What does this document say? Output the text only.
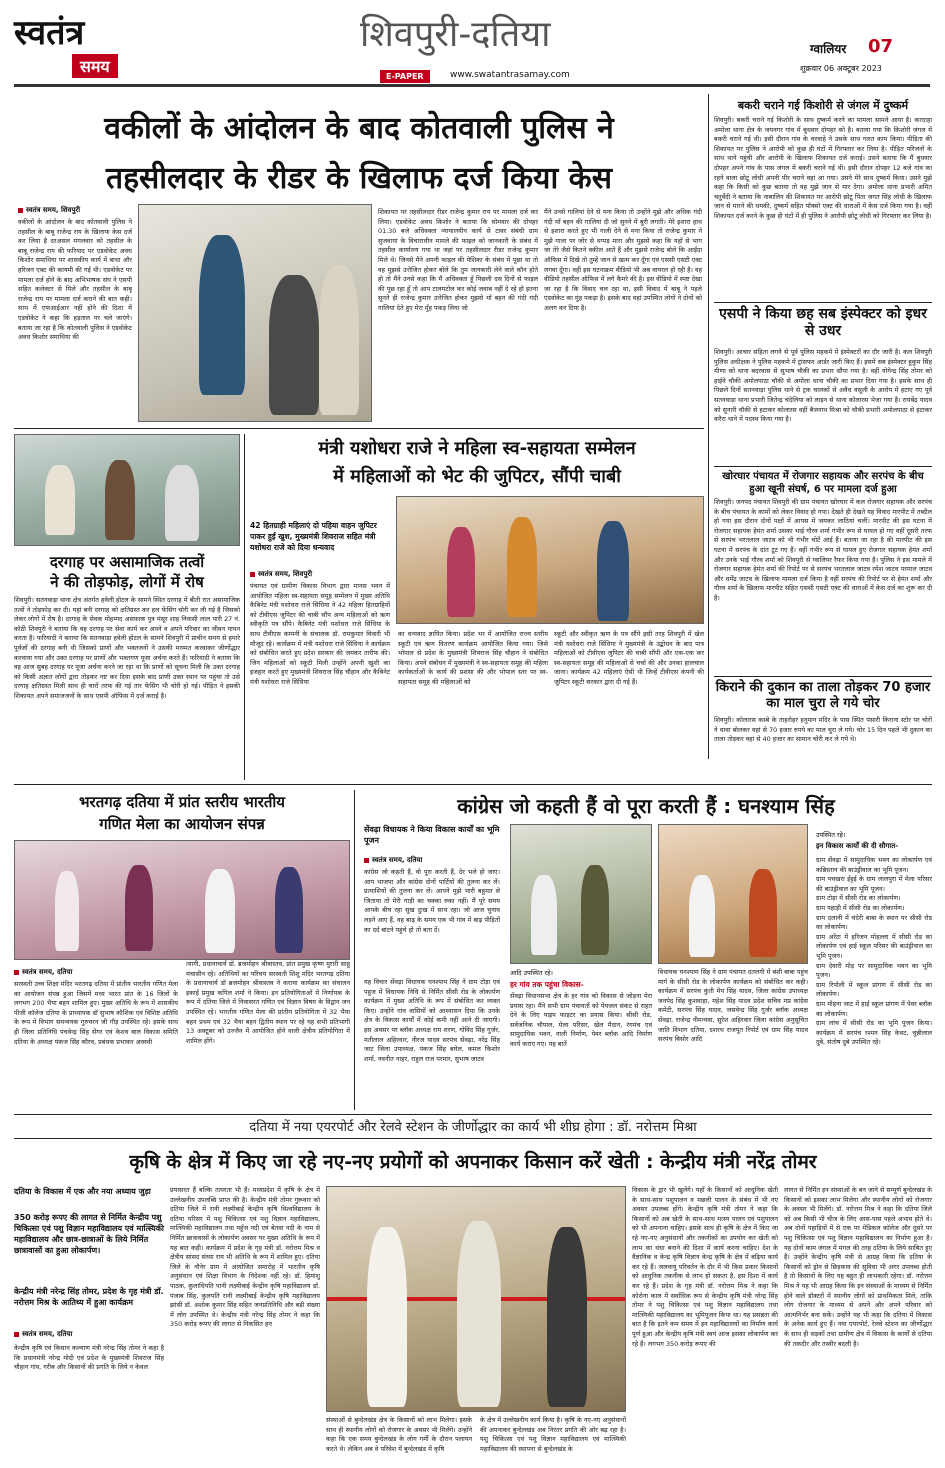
स्वतंत्र
समय
शिवपुरी-दतिया
E-PAPER	www.swatantrasamay.com
ग्वालियर 07
शुक्रवार 06 अक्टूबर 2023
वकीलों के आंदोलन के बाद कोतवाली पुलिस ने
तहसीलदार के रीडर के खिलाफ दर्ज किया केस
स्वतंत्र समय, शिवपुरी
वकीलों के आंदोलन के बाद कोतवाली पुलिस ने तहसील के बाबू राजेन्द्र राय के खिलाफ केस दर्ज कर लिया है दरअसल मंगलवार को तहसील के बाबू राजेन्द्र राय की फरियाद पर एडवोकेट अवध किशोर समाधिया पर शासकीय कार्य में बाधा और हरिजन एक्ट की कायमी की गई थी। एडवोकेट पर मामला दर्ज होने के बाद अभिभाषक संघ ने एसपी सहित कलेक्टर से मिले और तहसील के बाबू राजेन्द्र राय पर मामला दर्ज कराने की बात कही। साथ में एफआईआर नहीं होने की दिशा में एडवोकेट ने कहा कि हड़ताल पर चले जाएंगे। बताया जा रहा है कि कोतवाली पुलिस ने एडवोकेट अवध किशोर समाधिया की
शिकायत पर तहसीलदार रीडर राजेन्द्र कुमार राय पर मामला दर्ज कर लिया। एडवोकेट अवध किशोर ने बताया कि सोमवार की दोपहर 01.30 बजे अधिवक्ता न्यायालयीन कार्य से टावर संबंधी ग्राम सुजवाया के विचाराधीन मामले की फाइल को जानकारी के संबंध में तहसील कार्यालय गया था जहां पर तहसीलदार रीडर राजेन्द्र कुमार मिले थे। जिनसे मैंने अपनी फाइल की पेशिका के संबंध में पूछा था तो वह मुझसे उत्तेजित होकर बोले कि तुम जानकारी लेने वाले कौन होते हो तो मैंने उनसे कहा कि मैं अधिवक्ता हूँ पिछली दस दिनों से फाइल की पूछ रहा हूँ तो आप टालमटोल कर कोई जवाब नहीं दे रहे हो इतना सुनते ही राजेन्द्र कुमार उत्तेजित होकर मुझसे माँ बहन की गंदी गंदी गालियां देते हुए मेरा मुँह पकड़ लिया जो
मैंने उनसे गालियां देने से मना किया तो उन्होंने मुझे और अधिक गंदी गंदी माँ बहन की गालियां दी जो सुनने में बुरी लगती। मेरे इशारा हाथ से इशारा करते हुए भी गाली देने से मना किया तो राजेन्द्र कुमार ने मुझे गाला पर जोर से थप्पड़ मारा और मुझसे कहा कि यहाँ से भाग जा तेरे जैसे कितने वकील आते हैं और मुझसे राजेन्द्र बोले कि आईंदा ऑफिस में दिखे तो तुम्हें जान से खत्म कर दूँगा एवं एससी एसटी एक्ट लगवा दूँगा। वहीं इस घटनाक्रम वीडियो भी अब वायरल हो रही है। वह वीडियो तहसील ऑफिस में लगे कैमरे की है। इस वीडियो में स्पष्ट देखा जा रहा है कि विवाद चल रहा था, इसी विवाद में बाबू ने पहले एडवोकेट का मुंह पकड़ा है। इसके बाद वहां उपस्थित लोगों ने दोनों को अलग कर दिया है।
बकरी चराने गई किशोरी से जंगल में दुष्कर्म
शिवपुरी। बकरी चराने गई किशोरी के साथ दुष्कर्म करने का मामला सामने आया है। करदाहा अमोला थाना क्षेत्र के जयनगर गांव में बुधवार दोपहर को है। बताया गया कि किशोरी जंगल में बकरी चराने गई थी। इसी दौरान गांव के चरवाहे ने उसके साथ गलत काम किया। पीड़िता की शिकायत पर पुलिस ने आरोपी को कुछ ही घंटों में गिरफ्तार कर लिया है। पीड़ित परिजनों के साथ थाने पहुंची और आरोपी के खिलाफ शिकायत दर्ज कराई। उसने बताया कि मैं बुधवार दोपहर अपने गांव के पास जंगल में बकरी चराने गई थी। इसी दौरान दोपहर 12 बजे गांव का रहने वाला छोटू लोधी अपनी पीर चराने वहां आ गया। उसने मेरे साथ दुष्कर्म किया। उसने मुझे कहा कि किसी को कुछ बताया तो वह मुझे जान से मार देगा। अमोला थाना प्रभारी अमित चतुर्वेदी ने बताया कि नाबालिग की शिकायत पर आरोपी छोटू पिता जगत सिंह लोधी के खिलाफ जान से मारने की धमकी, दुष्कर्म सहित पॉक्सो एक्ट की धाराओं में केस दर्ज किया गया है। वहीं शिकायत दर्ज करने के कुछ ही घंटों में ही पुलिस ने आरोपी छोटू लोधी को गिरफ्तार कर लिया है।
एसपी ने किया छह सब इंस्पेक्टर को इधर से उधर
शिवपुरी। आचार संहिता लगने से पूर्व पुलिस महकमे में इंस्पेक्टरों का दौर जारी है। कल शिवपुरी पुलिस अधीक्षक ने पुलिस महकमे में ट्रांसफर आर्डर जारी किए हैं। इसमें सब इंस्पेक्टर हुकुम सिंह मीणा को थाना बदरवास से सुभाष चौकी का प्रभार सौंपा गया है। वहीं योगेन्द्र सिंह तोमर को हाईवे चौकी अमोलपाठा चौकी से अमोला थाना चौकी का प्रभार दिया गया है। इसके साथ ही पिछले दिनों सतनवाड़ा पुलिस थाने से ट्रक चालकों से अवैध वसूली के आरोप में हटाए गए पूर्व सतनवाड़ा थाना प्रभारी जितेन्द्र चंदेलिया को लाइन से थाना कोलारस भेजा गया है। रायबेंद्र यादव को सुनारी चौकी से हटाकर कोलारस वहीं बैजनाथ मिश्रा को चौकी प्रभारी अमोलपाठा से हटाकर करैरा थाने में पदस्थ किया गया है।
खोरघार पंचायत में रोजगार सहायक और सरपंच के बीच हुआ खूनी संघर्ष, 6 पर मामला दर्ज हुआ
शिवपुरी। जनपद पंचायत शिवपुरी की ग्राम पंचायत खोरघार में कल रोजगार सहायक और सरपंच के बीच पंचायत के कामों को लेकर विवाद हो गया। देखते ही देखते यह विवाद मारपीट में तब्दील हो गया इस दौरान दोनों पक्षों में आपस में जमकर लाठियां चलीं। मारपीट की इस घटना में रोजगार सहायक हेमंत शर्मा उसका भाई गौरव शर्मा गंभीर रूप से घायल हो गए वहीं दूसरी तरफ से सरपंच भरतलाल जाटव को भी गंभीर चोटें आई हैं। बताया जा रहा है की मारपीट की इस घटना में सरपंच के दांत टूट गए हैं। वहीं गंभीर रूप से घायल हुए रोजगार सहायक हेमंत शर्मा और उनके भाई गौरव शर्मा को शिवपुरी से ग्वालियर रैफर किया गया है। पुलिस ने इस मामले में रोजगार सहायक हेमंत शर्मा की रिपोर्ट पर से सरपंच भरतलाल जाटव रमेश जाटव परमाल जाटव और धर्मेंद्र जाटव के खिलाफ मामला दर्ज किया है वहीं सरपंच की रिपोर्ट पर से हेमंत शर्मा और गौरव शर्मा के खिलाफ मारपीट सहित एससी एसटी एक्ट की धाराओं में केस दर्ज का शुरू कर दी है।
किराने की दुकान का ताला तोड़कर 70 हजार का माल चुरा ले गये चोर
शिवपुरी। कोलारस कस्बे के ताहरोहर हनुमान मंदिर के पास स्थित पंसारी किराना स्टोर पर चोरों ने धावा बोलकर वहां से 70 हजार रुपये का माल चुरा ले गये। चोर 15 दिन पहले भी दुकान का ताला तोड़कर वहां से 40 हजार का सामान चोरी कर ले गये थे।
दरगाह पर असामाजिक तत्वों
ने की तोड़फोड़, लोगों में रोष
शिवपुरी। सतनवाड़ा थाना क्षेत्र अंतर्गत हवेली होटल के सामने स्थित दरगाह में बीती रात असामाजिक तत्वों ने तोड़फोड़ कर दी। यहां बनी दरगाह को क्षतिग्रस्त कर हल फेंसिंग चोरी कर ली गई है जिसको लेकर लोगों में रोष है। दरगाह के सेवक मोहम्मद असफ़ाक पुत्र मंसूर शाह निवासी लाल पारी 27 नं. कोठी शिवपुरी ने बताया कि वह दरगाह पर सेवा कार्य कर अपने व अपने परिवार का जीवन यापन करता है। फरियादी ने बताया कि सतनवाड़ा हवेली होटल के सामने शिवपुरी में प्राचीन समय से हमारे पूर्वजों की दरगाह बनी थी जिसको प्राणों और भक्तजनों ने उसकी मरम्मत करवाकर जीर्णोद्धार करवाया गया और उक्त दरगाह पर प्राणों और भक्तगण पूजा अर्चना करते हैं। फरियादी ने बताया कि वह आज सुबह दरगाह पर पूजा अर्चना करने जा रहा था कि प्राणों को सूचना मिली कि उक्त दरगाह को किसी अज्ञात लोगों द्वारा तोड़कर नष्ट कर दिया इसके बाद प्राणी उक्त स्थान पर पहुंचा तो उसे दरगाह क्षतिग्रस्त मिली साथ ही चारों तरफ की गई तार फेंसिंग भी चोरी हो गई। पीड़ित ने इसकी शिकायत अपने समाजजनों के साथ एसपी ऑफिस में दर्ज कराई है।
मंत्री यशोधरा राजे ने महिला स्व-सहायता सम्मेलन
में महिलाओं को भेट की जुपिटर, सौंपी चाबी
42 हितग्राही महिलाएं दो पहिया वाहन जुपिटर पाकर हुईं खुश, मुख्यमंत्री शिवराज सहित मंत्री यशोधरा राजे को दिया धन्यवाद
स्वतंत्र समय, शिवपुरी
पंचायत एवं ग्रामीण विकास विभाग द्वारा मानस भवन में आयोजित महिला स्व-सहायता समूह सम्मेलन में मुख्य अतिथि कैबिनेट मंत्री यशोधरा राजे सिंधिया ने 42 महिला हितग्राहियों को टीवीएस जुपिटर की चाबी सौंप अन्य महिलाओं को ऋण स्वीकृति पत्र सौंपे। कैबिनेट मंत्री यशोधरा राजे सिंधिया के साथ टीवीएस कम्पनी के संचालक डॉ. रामकुमार विवारी भी मौजूद रहे। कार्यक्रम में मंत्री यशोधरा राजे सिंधिया ने कार्यक्रम को संबोधित करते हुए प्रदेश सरकार की जमकर तारीफ की। जिन महिलाओं को स्कूटी मिली उन्होंने अपनी खुशी का इजहार करते हुए मुख्यमंत्री शिवराज सिंह चौहान और कैबिनेट मंत्री यशोधरा राजे सिंधिया
का धन्यवाद ज्ञापित किया। प्रदेश भर में आयोजित राज्य स्तरीय स्कूटी एवं ऋण वितरण कार्यक्रम आयोजित किया गया। जिसे भोपाल से प्रदेश के मुख्यमंत्री शिवराज सिंह चौहान ने संबोधित किया। अपने संबोधन में मुख्यमंत्री ने स्व-सहायता समूह की महिला कार्यकर्ताओं के कार्य की प्रशंसा की और भोपाल स्तर पर स्व-सहायता समूह की महिलाओं को
स्कूटी और स्वीकृत ऋण के पत्र सौंपे इसी तरह शिवपुरी में खेल मंत्री यशोधरा राजे सिंधिया ने मुख्यमंत्री के उद्बोधन के बाद पात्र महिलाओं को टीवीएस जुपिटर की चाबी सौंपी और एक-एक कर स्व-सहायता समूह की महिलाओं से चर्चा की और उनका हालचाल जाना। कार्यक्रम 42 महिलाएं ऐसी थी जिन्हें टीवीएस कंपनी की जुपिटर स्कूटी सरकार द्वारा दी गई हैं।
भरतगढ़ दतिया में प्रांत स्तरीय भारतीय
गणित मेला का आयोजन संपन्न
स्वतंत्र समय, दतिया
सरस्वती उच्च शिक्षा मंदिर भरतगढ़ दतिया में प्रांतीय भारतीय गणित मेला का आयोजन संपन्न हुआ जिसमें मध्य भारत प्रांत के 16 जिलों के लगभग 200 भैया बहन शामिल हुए। मुख्य अतिथि के रूप में शासकीय पीजी कॉलेज दतिया के प्राध्यापक डॉ सुभाष कौशिक एवं विशिष्ट अतिथि के रूप में विभाग समन्वयक गुरुचरन जी गौड़ उपस्थित रहे। इसके साथ ही जिला प्रतिनिधि पंचवेन्द्र सिंह सेंगर एवं केशव बाल विकास समिति दतिया के अध्यक्ष पंकज सिंह कौरव, प्रबंधक प्रभाकर अवस्थी
त्यागी, प्रधानाचार्य डॉ. ब्रजमोहन श्रीवास्तव, प्रांत प्रमुख कृष्ण मुरारी साहू मंचासीन रहे। अतिथियों का परिचय सरस्वती शिशु मंदिर भरतगढ़ दतिया के प्रधानाचार्य डॉ ब्रजमोहन श्रीवास्तव ने कराया कार्यक्रम का संचालन इकाई प्रमुख कपिल शर्मा ने किया। इन प्रतियोगिताओं में निर्णायक के रूप में दतिया जिले में निवासरत गणित एवं विज्ञान विषय के विद्वान जन उपस्थित रहे। भारतीय गणित मेला की प्रांतीय प्रतियोगिता में 32 भैया बहन प्रथम एवं 32 भैया बहन द्वितीय स्थान पर रहे यह सभी प्रतिभागी 13 अक्टूबर को उज्जैन में आयोजित होने वाली क्षेत्रीय प्रतियोगिता में शामिल होंगे।
कांग्रेस जो कहती हैं वो पूरा करती हैं : घनश्याम सिंह
सेंवढ़ा विधायक ने किया विकास कार्यों का भूमि पूजन
स्वतंत्र समय, दतिया
कांग्रेस जो कहती हैं, वो पूरा करती हैं, देर भले हो जाए। आप भाजपा और कांग्रेस दोनों पार्टियों की तुलना कर लें। प्रत्याशियों की तुलना कर लें। आपने मुझे भारी बहुमत से जिताया तो मेरी गाड़ी का चक्का रुका नहीं। मैं पूरे समय आपके बीच रहा सुख दुःख में साथ रहा। जो आज चुनाव लड़ने आए हैं, वह बाढ़ के समय एक भी गांव में बाढ़ पीड़ितों का दर्द बांटने पहुंचे हो तो बता दें।
यह विचार सेंवढ़ा विधायक घनश्याम सिंह ने ग्राम टोड़ा एवं पहुज में विधायक निधि से निर्मित सीसी रोड के लोकार्पण कार्यक्रम में मुख्य अतिथि के रूप में संबोधित कर व्यक्त किए। उन्होंने गांव वासियों को आश्वासन दिया कि उनके क्षेत्र के विकास कार्यों में कोई कमी नहीं आने दी जाएगी। इस अवसर पर ब्लॉक अध्यक्ष राम शरण, गोविंद सिंह गुर्जर, मतीलाल अहिरवार, नीरज यादव सरपंच सेंवढ़ा, नरेंद्र सिंह जाट जिला उपाध्यक्ष, पंकज सिंह बघेल, कमल किशोर शर्मा, नवनीत नाहर, राहुल राज परमार, सुभाष जाटव
आदि उपस्थित रहे।
हर गांव तक पहुंचा विकास-
सेंवढ़ा विधानसभा क्षेत्र के हर गांव को विकास से जोड़ना मेरा प्रयास रहा। मैंने सभी ग्राम पंचायतों को पेयजल संकट से राहत देने के लिए पाइप फाइटर का प्रयास किया। सीसी रोड, सर्वजनिक चौपाल, मेला परिसर, खेल मैदान, रंगमंच एवं सामुदायिक भवन, नाली निर्माण, पेवर ब्लॉक आदि निर्माण कार्य कराए गए। यह बातें
विधायक घनश्याम सिंह ने ग्राम पंचायत दतलगी में बंशी बाबा पहुंच मार्ग के सीसी रोड के लोकार्पण कार्यक्रम को संबोधित कर कही। कार्यक्रम में सरपंच कुंती मेय सिंह यादव, जिला कांग्रेस उपाध्यक्ष जनपेद सिंह कुशवाहा, महेश सिंह यादव प्रदेश सचिव मप्र कांग्रेस कमेटी, सरपंच सिंह यादव, जसवेन्द्र सिंह गुर्जर ब्लॉक अध्यक्ष सेंवढ़ा, राजेन्द्र नीमन्यवा, सुरेश अहिरवार जिला कांग्रेस अनुसूचित जाति विभाग दतिया, दशरथ राजपूत रिपोर्ट एवं ग्राम सिंह यादव सरपंच बिसोर आदि
उपस्थित रहे।
इन विकास कार्यों की दी सौगात-
ग्राम सेंवढ़ा में सामुदायिक भवन का लोकार्पण एवं कब्रिस्तान की बाउंड्रीवाल का भूमि पूजन।
ग्राम पचखरा ईट्टई के ग्राम लालपुरा में मेला परिसर की बाउंड्रीवाल का भूमि पूजन।
ग्राम टोड़ा में सीसी रोड का लोकार्पण।
ग्राम पहाड़ी में सीसी रोड का लोकार्पण।
ग्राम दलानी में चंदेरी बाबा के स्थान पर सीसी रोड का लोकार्पण।
ग्राम अरेंटा में हरिजन मोहल्ला में सीसी रोड का लोकार्पण एवं हाई स्कूल परिसर की बाउंड्रीवाल का भूमि पूजन।
ग्राम देवारी मोड़ पर सामुदायिक भवन का भूमि पूजन।
ग्राम रिपोली में स्कूल प्रांगण में सीसी रोड का लोकार्पण।
ग्राम मोहना जाट में हाई स्कूल प्रांगण में पेवर ब्लॉक का लोकार्पण।
ग्राम लांच में सीसी रोड का भूमि पूजन किया। कार्यक्रम में सरपंच रश्मन सिंह केवट, चुन्नीलाल दुबे, संतोष दुबे उपस्थित रहे।
दतिया में नया एयरपोर्ट और रेलवे स्टेशन के जीर्णोद्धार का कार्य भी शीघ्र होगा : डॉ. नरोत्तम मिश्रा
कृषि के क्षेत्र में किए जा रहे नए-नए प्रयोगों को अपनाकर किसान करें खेती : केन्द्रीय मंत्री नरेंद्र तोमर
दतिया के विकास में एक और नया अध्याय जुड़ा
350 करोड़ रूपए की लागत से निर्मित केन्द्रीय पशु चिकित्सा एवं पशु विज्ञान महाविद्यालय एवं मात्स्यिकी महाविद्यालय और छात्र-छात्राओं के लिये निर्मित छात्रावासों का हुआ लोकार्पण।
केन्द्रीय मंत्री नरेन्द्र सिंह तोमर, प्रदेश के गृह मंत्री डॉ. नरोत्तम मिश्र के आतिथ्य में हुआ कार्यक्रम
स्वतंत्र समय, दतिया
केन्द्रीय कृषि एवं किसान कल्याण मंत्री नरेन्द्र सिंह तोमर ने कहा है कि प्रधानमंत्री नरेन्द्र मोदी एवं प्रदेश के मुख्यमंत्री शिवराज सिंह चौहान गांव, गरीब और किसानों की प्रगति के लिये न केवल
प्रयासरत हैं बल्कि तत्परता भी हैं। मध्यप्रदेश में कृषि के क्षेत्र में उल्लेखनीय उपलब्धि प्राप्त की है। केन्द्रीय मंत्री तोमर गुरूवार को दतिया जिले में रानी लक्ष्मीबाई केन्द्रीय कृषि विश्वविद्यालय के दतिया परिसर में पशु चिकित्सा एवं पशु विज्ञान महाविद्यालय, मात्स्यिकी महाविद्यालय तथा पहुँज नदी एवं बेतवा नदी के नाम से निर्मित छात्रावासों के लोकार्पण अवसर पर मुख्य अतिथि के रूप में यह बात कही। कार्यक्रम में प्रदेश के गृह मंत्री डॉ. नरोत्तम मिश्र व क्षेत्रीय सांसद संध्या राय भी अतिथि के रूप में शामिल हुए। दतिया जिले के नौनेर ग्राम में आयोजित समारोह में भारतीय कृषि अनुसंधान एवं शिक्षा विभाग के निदेशक नहीं रहे। डॉ. हिमांशु पाठक, कुलाधिपति पानी लक्ष्मीबाई केन्द्रीय कृषि महाविद्यालय डॉ. पंजाब सिंह, कुलपति रानी लक्ष्मीबाई केन्द्रीय कृषि महाविद्यालय झांसी डॉ. अशोक कुमार सिंह सहित जनप्रतिनिधि और बड़ी संख्या में लोग उपस्थित थे। केन्द्रीय मंत्री नरेन्द्र सिंह तोमर ने कहा कि 350 करोड़ रूपए की लागत से निकसित हन
संस्थाओं से बुन्देलखंड क्षेत्र के किसानों को लाभ मिलेगा। इसके साथ ही स्थानीय लोगों को रोजगार के अवसर भी मिलेंगे। उन्होंने कहा कि एक समय बुन्देलखंड के लोग गर्मी के दौरान पलायन करते थे। लेकिन अब वे परिवेश में बुन्देलखंड में कृषि
के क्षेत्र में उल्लेखनीय कार्य किया है। कृषि के नए-नए अनुसंधानों की अपनाकर बुन्देलखंड अब निरंतर प्रगति की ओर बढ़ रहा है। पशु चिकित्सा एवं पशु विज्ञान महाविद्यालय एवं मात्स्यिकी महाविद्यालय की स्थापना से बुन्देलखंड के
विकास के द्वार भी खुलेंगे। यहाँ के किसानों को आधुनिक खेती के साथ-साथ पशुपालन व मछली पालन के संबंध में भी नए अवसर उपलब्ध होंगे। केन्द्रीय कृषि मंत्री तोमर ने कहा कि किसानों को अब खेती के साथ-साथ मत्स्य पालन एवं पशुपालन को भी अपनाना चाहिए। इसके साथ ही कृषि के क्षेत्र में किए जा रहे नए-नए अनुसंधानों और तकनीकों का उपयोग कर खेती को लाभ का धंधा बनाने की दिशा में कार्य करना चाहिए। देश के वैज्ञानिक व केन्द्र कृषि विज्ञान केन्द्र कृषि के क्षेत्र में बढ़िया कार्य कर रहे हैं। जलवायु परिवर्तन के दौर में भी किस प्रकार किसानों को आधुनिक तकनीक से लाभ हो सकता है, इस दिशा में कार्य कर रहे हैं। प्रदेश के गृह मंत्री डॉ. नरोत्तम मिश्र ने कहा कि कोरोना काल में सर्वाधिक रूप से केन्द्रीय कृषि मंत्री नरेन्द्र सिंह तोमर ने पशु चिकित्सा एवं पशु विज्ञान महाविद्यालय तथा मात्स्यिकी महाविद्यालय का भूमिपूजन किया था। यह प्रसन्नता की बात है कि इतने कम समय में इन महाविद्यालयों का निर्माण कार्य पूर्ण हुआ और केन्द्रीय कृषि मंत्री स्वयं आज इसका लोकार्पण कर रहे हैं। लगभग 350 करोड़ रूपए की
लागत से निर्मित इन संस्थाओं के बन जाने से सम्पूर्ण बुन्देलखंड के किसानों को इसका लाभ मिलेगा और स्थानीय लोगों को रोजगार के अवसर भी मिलेंगे। डॉ. नरोत्तम मिश्र ने कहा कि दतिया जिले को अब किसी भी चीज के लिए आस-पास पहले अभाव होते थे। अब दोनों पहाड़ियों में से एक पर मेडिकल कॉलेज और दूसरे पर पशु चिकित्सा एवं पशु विज्ञान महाविद्यालय का निर्माण हुआ है। यह दोनों काम जंगल में मंगल की तरह दतिया के लिये साबित हुए हैं। उन्होंने केन्द्रीय कृषि मंत्री से आग्रह किया कि दतिया के किसानों को ड्रोन से छिड़काव की सुविधा भी अगर उपलब्ध होती है तो किसानों के लिए यह बहुत ही लाभकारी रहेगा। डॉ. नरोत्तम मिश्र ने यह भी आग्रह किया कि इन संस्थाओं के माध्यम से निर्मित होने वाले डॉक्टरों में स्थानीय लोगों को प्राथमिकता मिले, ताकि लोग रोजगार के माध्यम से अपने और अपने परिवार को आत्मनिर्भर बना सकें। उन्होंने यह भी कहा कि दतिया में विकास के अनेक कार्य हुए हैं। नया एयरपोर्ट, रेलवे स्टेशन का जीर्णोद्धार के साथ ही सड़कों तथा ग्रामीण क्षेत्र में विकास के कार्यों से दतिया की तकदीर और तस्वीर बदली है।
